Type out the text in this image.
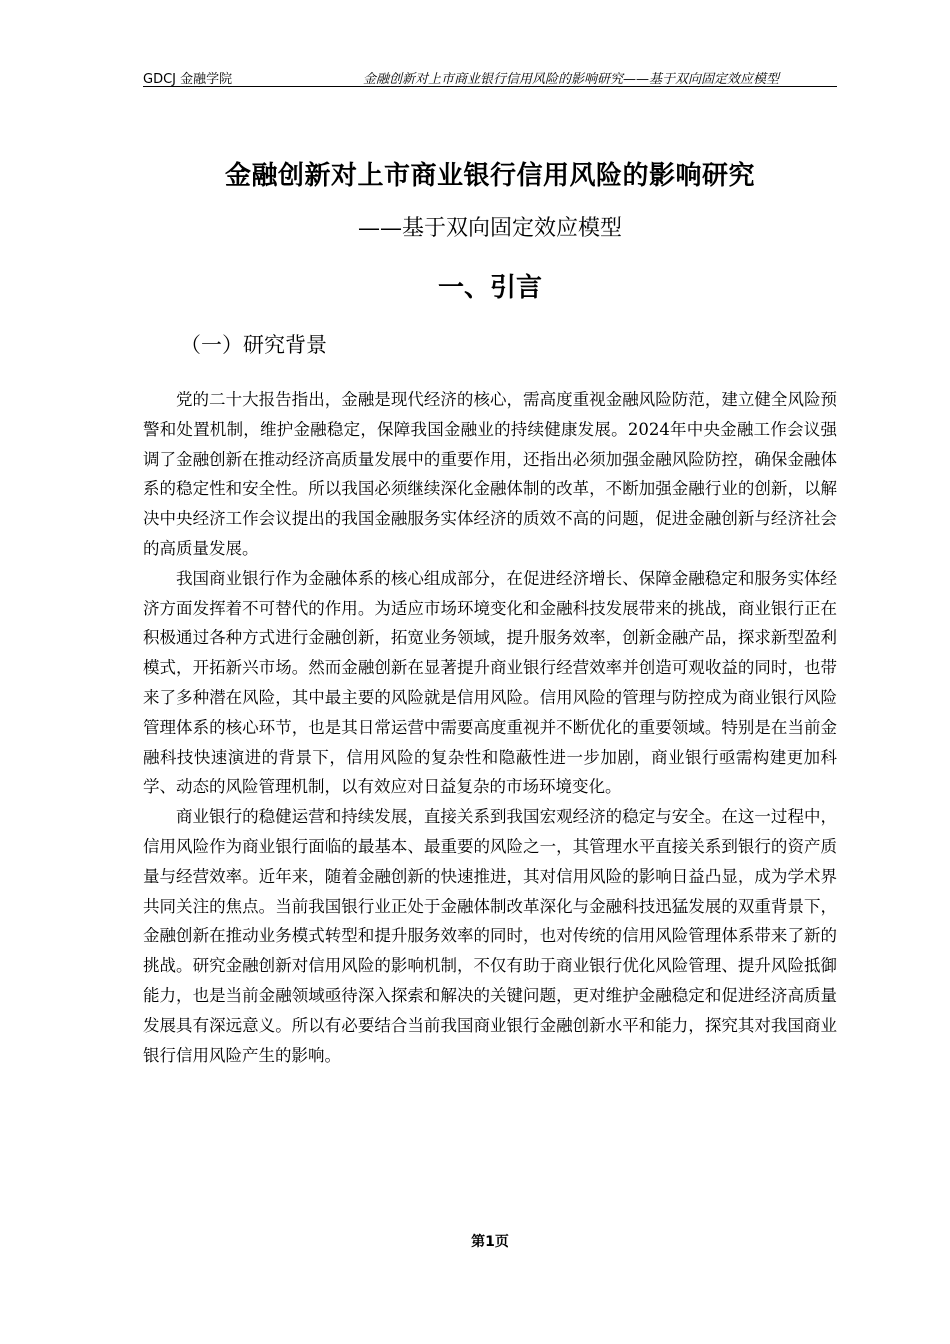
GDCJ 金融学院	金融创新对上市商业银行信用风险的影响研究——基于双向固定效应模型
金融创新对上市商业银行信用风险的影响研究
——基于双向固定效应模型
一、引言
（一）研究背景

党的二十大报告指出，金融是现代经济的核心，需高度重视金融风险防范，建立健全风险预警和处置机制，维护金融稳定，保障我国金融业的持续健康发展。2024年中央金融工作会议强调了金融创新在推动经济高质量发展中的重要作用，还指出必须加强金融风险防控，确保金融体系的稳定性和安全性。所以我国必须继续深化金融体制的改革，不断加强金融行业的创新，以解决中央经济工作会议提出的我国金融服务实体经济的质效不高的问题，促进金融创新与经济社会的高质量发展。

我国商业银行作为金融体系的核心组成部分，在促进经济增长、保障金融稳定和服务实体经济方面发挥着不可替代的作用。为适应市场环境变化和金融科技发展带来的挑战，商业银行正在积极通过各种方式进行金融创新，拓宽业务领域，提升服务效率，创新金融产品，探求新型盈利模式，开拓新兴市场。然而金融创新在显著提升商业银行经营效率并创造可观收益的同时，也带来了多种潜在风险，其中最主要的风险就是信用风险。信用风险的管理与防控成为商业银行风险管理体系的核心环节，也是其日常运营中需要高度重视并不断优化的重要领域。特别是在当前金融科技快速演进的背景下，信用风险的复杂性和隐蔽性进一步加剧，商业银行亟需构建更加科学、动态的风险管理机制，以有效应对日益复杂的市场环境变化。

商业银行的稳健运营和持续发展，直接关系到我国宏观经济的稳定与安全。在这一过程中，信用风险作为商业银行面临的最基本、最重要的风险之一，其管理水平直接关系到银行的资产质量与经营效率。近年来，随着金融创新的快速推进，其对信用风险的影响日益凸显，成为学术界共同关注的焦点。当前我国银行业正处于金融体制改革深化与金融科技迅猛发展的双重背景下，金融创新在推动业务模式转型和提升服务效率的同时，也对传统的信用风险管理体系带来了新的挑战。研究金融创新对信用风险的影响机制，不仅有助于商业银行优化风险管理、提升风险抵御能力，也是当前金融领域亟待深入探索和解决的关键问题，更对维护金融稳定和促进经济高质量发展具有深远意义。所以有必要结合当前我国商业银行金融创新水平和能力，探究其对我国商业银行信用风险产生的影响。

第1页
